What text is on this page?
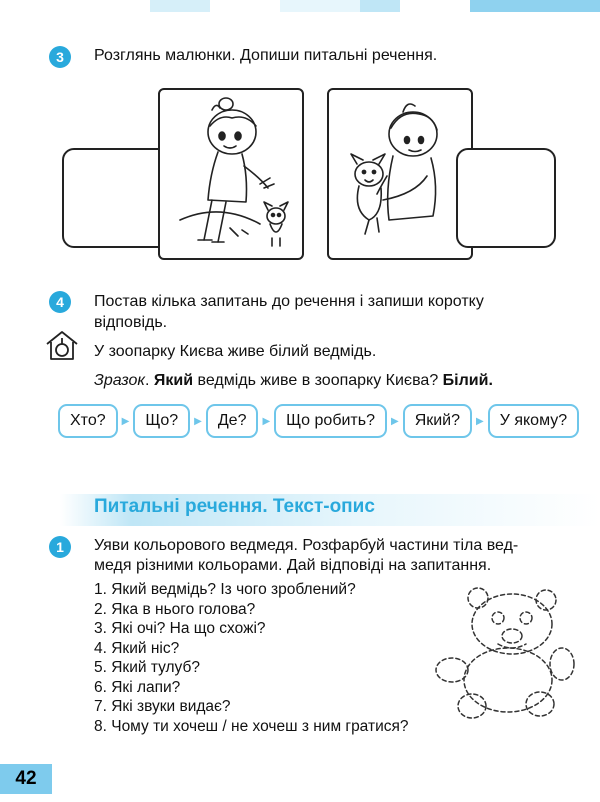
3	Розглянь малюнки. Допиши питальні речення.
4	Постав кілька запитань до речення і запиши коротку
відповідь.
У зоопарку Києва живе білий ведмідь.
Зразок. Який ведмідь живе в зоопарку Києва? Білий.
Хто?	▶	Що?	▶	Де?	▶	Що робить?	▶	Який?	▶	У якому?
Питальні речення. Текст-опис
1	Уяви кольорового ведмедя. Розфарбуй частини тіла вед-
медя різними кольорами. Дай відповіді на запитання.
1. Який ведмідь? Із чого зроблений?
2. Яка в нього голова?
3. Які очі? На що схожі?
4. Який ніс?
5. Який тулуб?
6. Які лапи?
7. Які звуки видає?
8. Чому ти хочеш / не хочеш з ним гратися?
42
